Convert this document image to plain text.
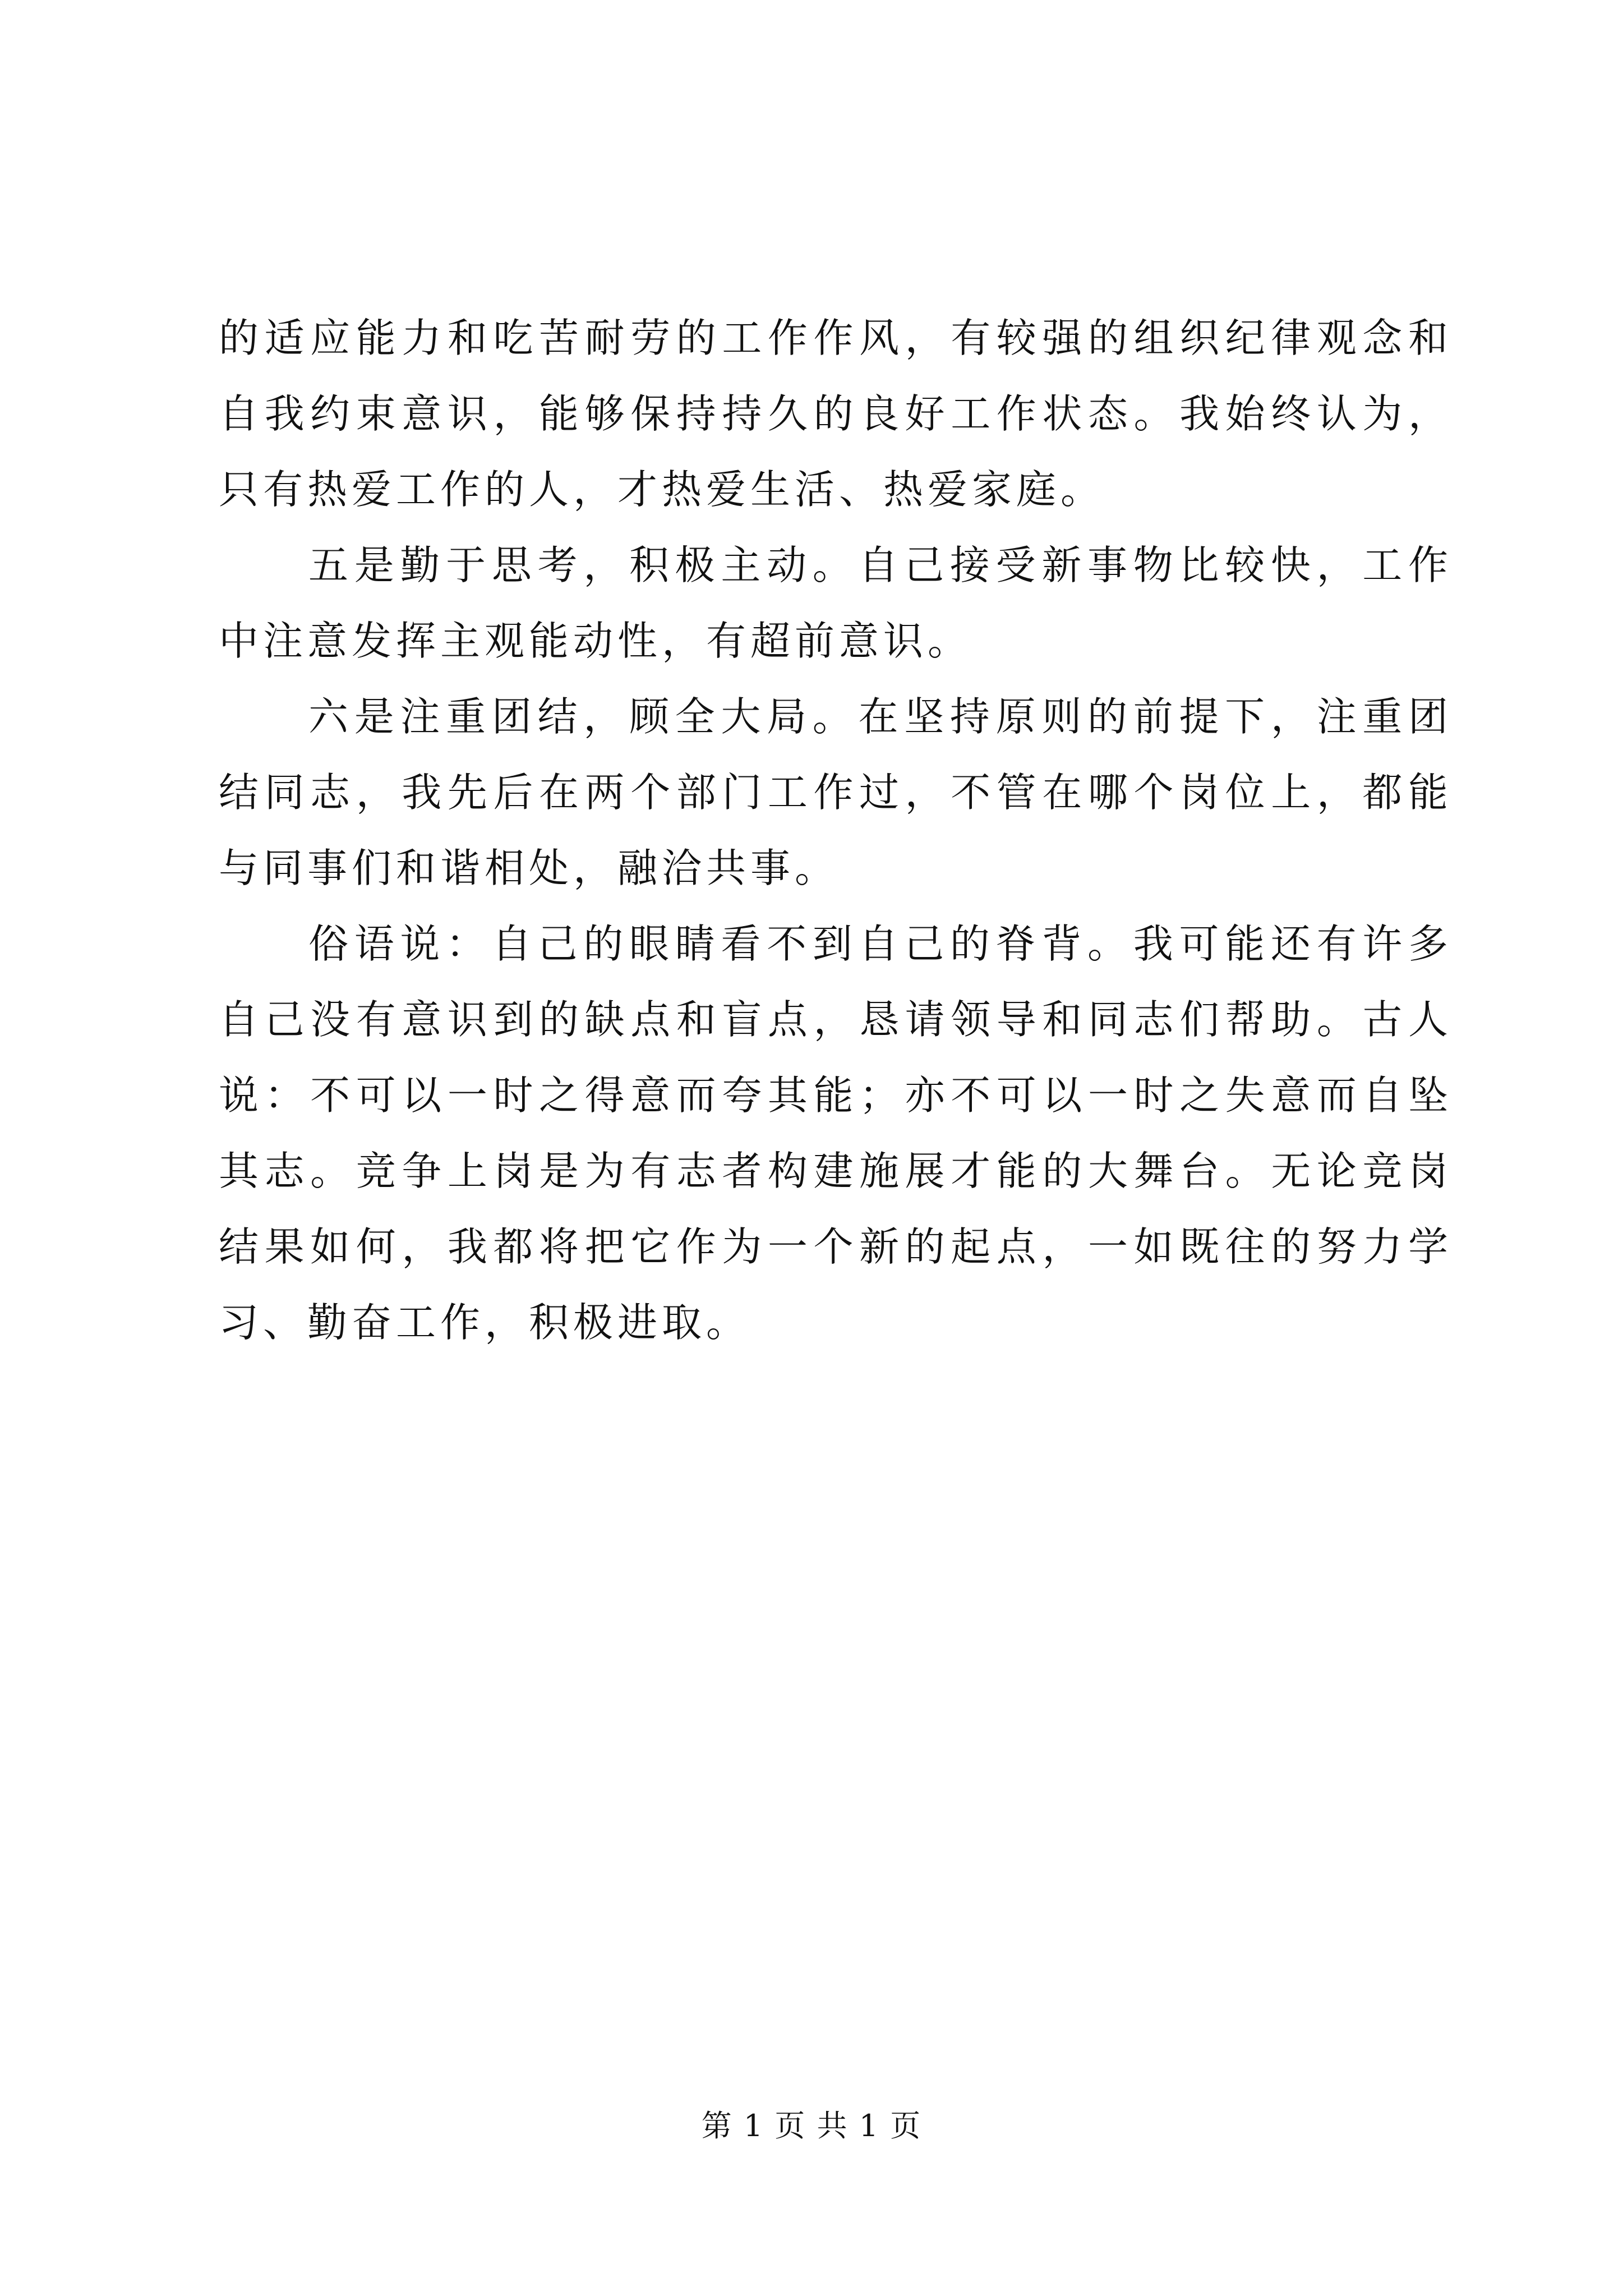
的适应能力和吃苦耐劳的工作作风，有较强的组织纪律观念和自我约束意识，能够保持持久的良好工作状态。我始终认为，只有热爱工作的人，才热爱生活、热爱家庭。

五是勤于思考，积极主动。自己接受新事物比较快，工作中注意发挥主观能动性，有超前意识。

六是注重团结，顾全大局。在坚持原则的前提下，注重团结同志，我先后在两个部门工作过，不管在哪个岗位上，都能与同事们和谐相处，融洽共事。

俗语说：自己的眼睛看不到自己的脊背。我可能还有许多自己没有意识到的缺点和盲点，恳请领导和同志们帮助。古人说：不可以一时之得意而夸其能；亦不可以一时之失意而自坠其志。竞争上岗是为有志者构建施展才能的大舞台。无论竞岗结果如何，我都将把它作为一个新的起点，一如既往的努力学习、勤奋工作，积极进取。

第 1 页 共 1 页
